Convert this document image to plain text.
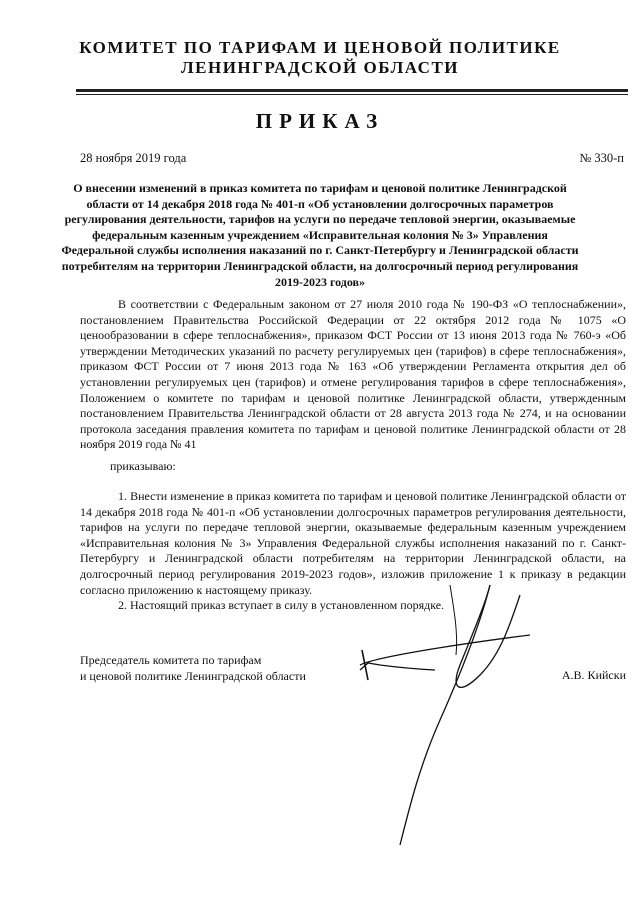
КОМИТЕТ ПО ТАРИФАМ И ЦЕНОВОЙ ПОЛИТИКЕ
ЛЕНИНГРАДСКОЙ ОБЛАСТИ
ПРИКАЗ
28 ноября 2019 года	№ 330-п
О внесении изменений в приказ комитета по тарифам и ценовой политике Ленинградской области от 14 декабря 2018 года № 401-п «Об установлении долгосрочных параметров регулирования деятельности, тарифов на услуги по передаче тепловой энергии, оказываемые федеральным казенным учреждением «Исправительная колония № 3» Управления Федеральной службы исполнения наказаний по г. Санкт-Петербургу и Ленинградской области потребителям на территории Ленинградской области, на долгосрочный период регулирования 2019-2023 годов»

В соответствии с Федеральным законом от 27 июля 2010 года № 190-ФЗ «О теплоснабжении», постановлением Правительства Российской Федерации от 22 октября 2012 года № 1075 «О ценообразовании в сфере теплоснабжения», приказом ФСТ России от 13 июня 2013 года № 760-э «Об утверждении Методических указаний по расчету регулируемых цен (тарифов) в сфере теплоснабжения», приказом ФСТ России от 7 июня 2013 года № 163 «Об утверждении Регламента открытия дел об установлении регулируемых цен (тарифов) и отмене регулирования тарифов в сфере теплоснабжения», Положением о комитете по тарифам и ценовой политике Ленинградской области, утвержденным постановлением Правительства Ленинградской области от 28 августа 2013 года № 274, и на основании протокола заседания правления комитета по тарифам и ценовой политике Ленинградской области от 28 ноября 2019 года № 41

приказываю:

1. Внести изменение в приказ комитета по тарифам и ценовой политике Ленинградской области от 14 декабря 2018 года № 401-п «Об установлении долгосрочных параметров регулирования деятельности, тарифов на услуги по передаче тепловой энергии, оказываемые федеральным казенным учреждением «Исправительная колония № 3» Управления Федеральной службы исполнения наказаний по г. Санкт-Петербургу и Ленинградской области потребителям на территории Ленинградской области, на долгосрочный период регулирования 2019-2023 годов», изложив приложение 1 к приказу в редакции согласно приложению к настоящему приказу.

2. Настоящий приказ вступает в силу в установленном порядке.

Председатель комитета по тарифам
и ценовой политике Ленинградской области	А.В. Кийски
